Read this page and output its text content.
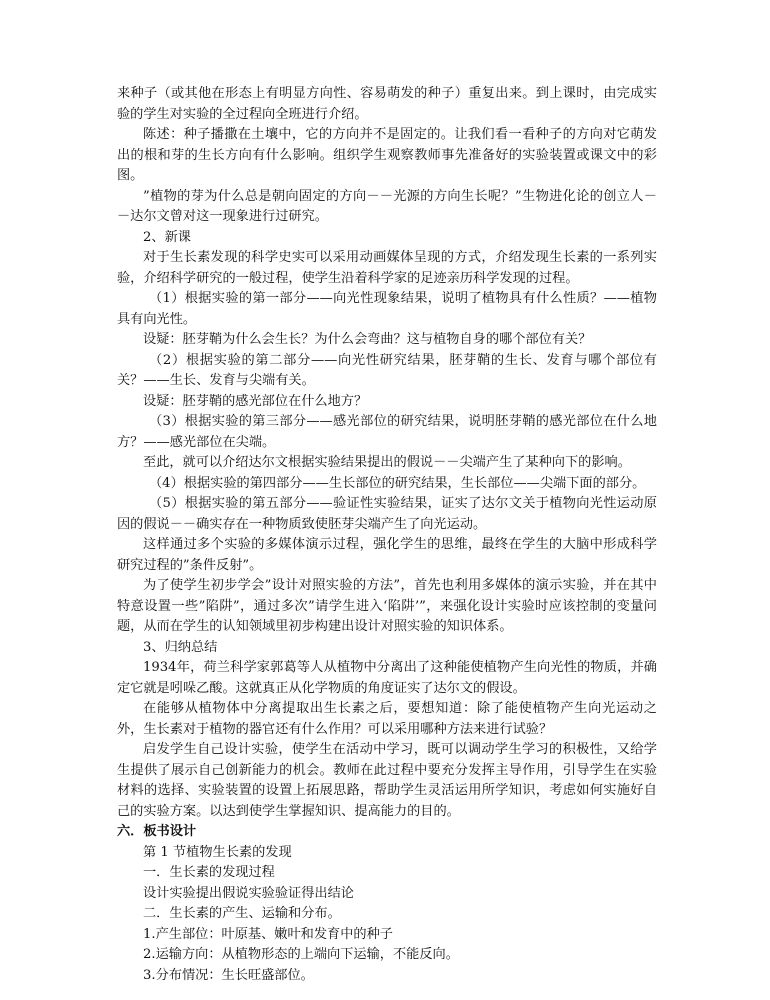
来种子（或其他在形态上有明显方向性、容易萌发的种子）重复出来。到上课时，由完成实验的学生对实验的全过程向全班进行介绍。

陈述：种子播撒在土壤中，它的方向并不是固定的。让我们看一看种子的方向对它萌发出的根和芽的生长方向有什么影响。组织学生观察教师事先准备好的实验装置或课文中的彩图。

”植物的芽为什么总是朝向固定的方向－－光源的方向生长呢？”生物进化论的创立人－－达尔文曾对这一现象进行过研究。

2、新课

对于生长素发现的科学史实可以采用动画媒体呈现的方式，介绍发现生长素的一系列实验，介绍科学研究的一般过程，使学生沿着科学家的足迹亲历科学发现的过程。

（1）根据实验的第一部分——向光性现象结果，说明了植物具有什么性质？——植物具有向光性。

设疑：胚芽鞘为什么会生长？为什么会弯曲？这与植物自身的哪个部位有关？

（2）根据实验的第二部分——向光性研究结果，胚芽鞘的生长、发育与哪个部位有关？——生长、发育与尖端有关。

设疑：胚芽鞘的感光部位在什么地方？

（3）根据实验的第三部分——感光部位的研究结果，说明胚芽鞘的感光部位在什么地方？——感光部位在尖端。

至此，就可以介绍达尔文根据实验结果提出的假说－－尖端产生了某种向下的影响。

（4）根据实验的第四部分——生长部位的研究结果，生长部位——尖端下面的部分。

（5）根据实验的第五部分——验证性实验结果，证实了达尔文关于植物向光性运动原因的假说－－确实存在一种物质致使胚芽尖端产生了向光运动。

这样通过多个实验的多媒体演示过程，强化学生的思维，最终在学生的大脑中形成科学研究过程的”条件反射”。

为了使学生初步学会”设计对照实验的方法”，首先也利用多媒体的演示实验，并在其中特意设置一些”陷阱”，通过多次”请学生进入‘陷阱’”，来强化设计实验时应该控制的变量问题，从而在学生的认知领域里初步构建出设计对照实验的知识体系。

3、归纳总结

1934年，荷兰科学家郭葛等人从植物中分离出了这种能使植物产生向光性的物质，并确定它就是吲哚乙酸。这就真正从化学物质的角度证实了达尔文的假设。

在能够从植物体中分离提取出生长素之后，要想知道：除了能使植物产生向光运动之外，生长素对于植物的器官还有什么作用？可以采用哪种方法来进行试验？

启发学生自己设计实验，使学生在活动中学习，既可以调动学生学习的积极性，又给学生提供了展示自己创新能力的机会。教师在此过程中要充分发挥主导作用，引导学生在实验材料的选择、实验装置的设置上拓展思路，帮助学生灵活运用所学知识，考虑如何实施好自己的实验方案。以达到使学生掌握知识、提高能力的目的。

六．板书设计

第 1 节植物生长素的发现

一．生长素的发现过程

设计实验提出假说实验验证得出结论

二．生长素的产生、运输和分布。

1.产生部位：叶原基、嫩叶和发育中的种子

2.运输方向：从植物形态的上端向下运输，不能反向。

3.分布情况：生长旺盛部位。
